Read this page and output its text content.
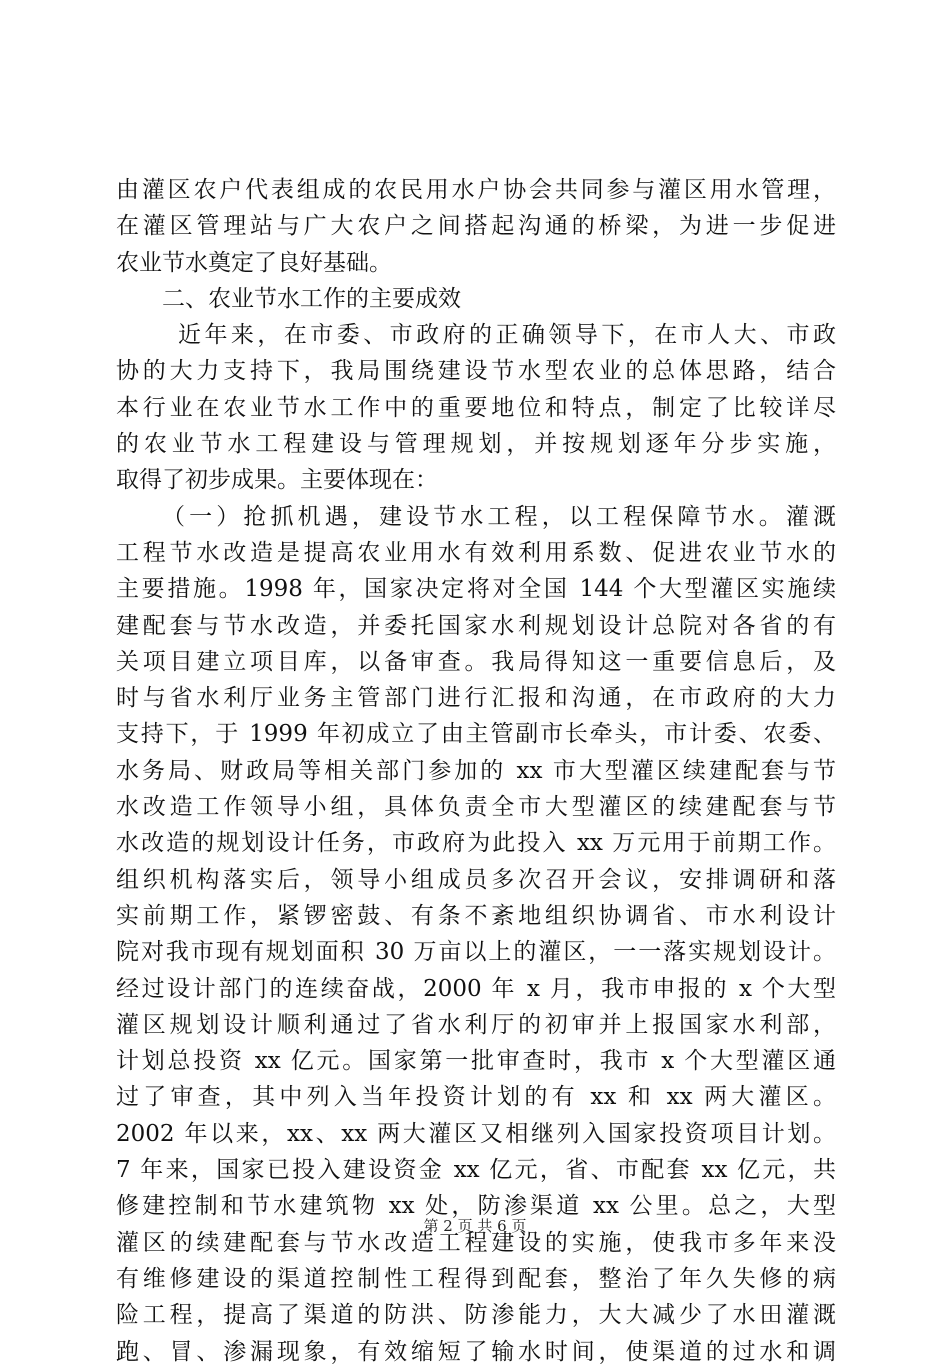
由灌区农户代表组成的农民用水户协会共同参与灌区用水管理，
在灌区管理站与广大农户之间搭起沟通的桥梁，为进一步促进
农业节水奠定了良好基础。
二、农业节水工作的主要成效
近年来，在市委、市政府的正确领导下，在市人大、市政
协的大力支持下，我局围绕建设节水型农业的总体思路，结合
本行业在农业节水工作中的重要地位和特点，制定了比较详尽
的农业节水工程建设与管理规划，并按规划逐年分步实施，
取得了初步成果。主要体现在：
（一）抢抓机遇，建设节水工程，以工程保障节水。灌溉
工程节水改造是提高农业用水有效利用系数、促进农业节水的
主要措施。1998 年，国家决定将对全国 144 个大型灌区实施续
建配套与节水改造，并委托国家水利规划设计总院对各省的有
关项目建立项目库，以备审查。我局得知这一重要信息后，及
时与省水利厅业务主管部门进行汇报和沟通，在市政府的大力
支持下，于 1999 年初成立了由主管副市长牵头，市计委、农委、
水务局、财政局等相关部门参加的 xx 市大型灌区续建配套与节
水改造工作领导小组，具体负责全市大型灌区的续建配套与节
水改造的规划设计任务，市政府为此投入 xx 万元用于前期工作。
组织机构落实后，领导小组成员多次召开会议，安排调研和落
实前期工作，紧锣密鼓、有条不紊地组织协调省、市水利设计
院对我市现有规划面积 30 万亩以上的灌区，一一落实规划设计。
经过设计部门的连续奋战，2000 年 x 月，我市申报的 x 个大型
灌区规划设计顺利通过了省水利厅的初审并上报国家水利部，
计划总投资 xx 亿元。国家第一批审查时，我市 x 个大型灌区通
过了审查，其中列入当年投资计划的有 xx 和 xx 两大灌区。
2002 年以来，xx、xx 两大灌区又相继列入国家投资项目计划。
7 年来，国家已投入建设资金 xx 亿元，省、市配套 xx 亿元，共
修建控制和节水建筑物 xx 处，防渗渠道 xx 公里。总之，大型
灌区的续建配套与节水改造工程建设的实施，使我市多年来没
有维修建设的渠道控制性工程得到配套，整治了年久失修的病
险工程，提高了渠道的防洪、防渗能力，大大减少了水田灌溉
跑、冒、渗漏现象，有效缩短了输水时间，使渠道的过水和调
第 2 页 共 6 页
